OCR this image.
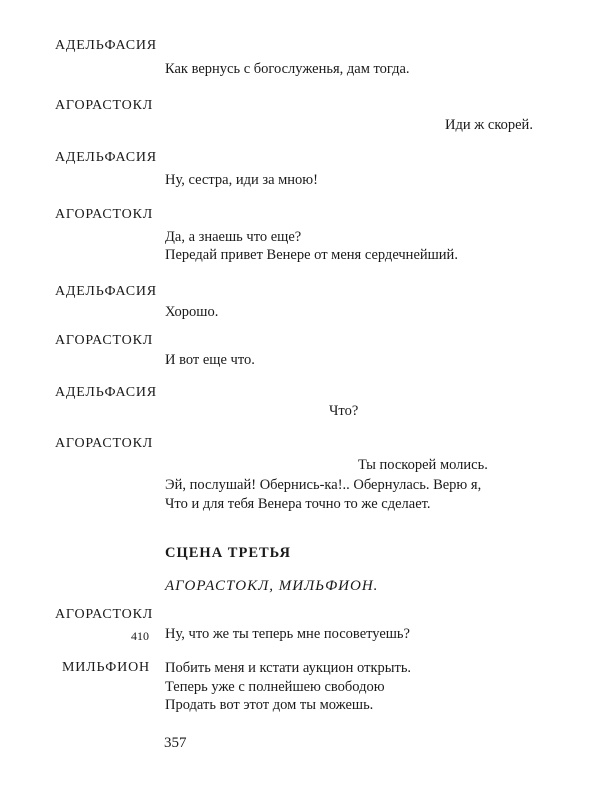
АДЕЛЬФАСИЯ
Как вернусь с богослуженья, дам тогда.
АГОРАСТОКЛ
Иди ж скорей.
АДЕЛЬФАСИЯ
Ну, сестра, иди за мною!
АГОРАСТОКЛ
Да, а знаешь что еще?
Передай привет Венере от меня сердечнейший.
АДЕЛЬФАСИЯ
Хорошо.
АГОРАСТОКЛ
И вот еще что.
АДЕЛЬФАСИЯ
Что?
АГОРАСТОКЛ
Ты поскорей молись.
Эй, послушай! Обернись-ка!.. Обернулась. Верю я,
Что и для тебя Венера точно то же сделает.
СЦЕНА ТРЕТЬЯ
АГОРАСТОКЛ, МИЛЬФИОН.
АГОРАСТОКЛ
410 Ну, что же ты теперь мне посоветуешь?
МИЛЬФИОН Побить меня и кстати аукцион открыть.
Теперь уже с полнейшею свободою
Продать вот этот дом ты можешь.
357
